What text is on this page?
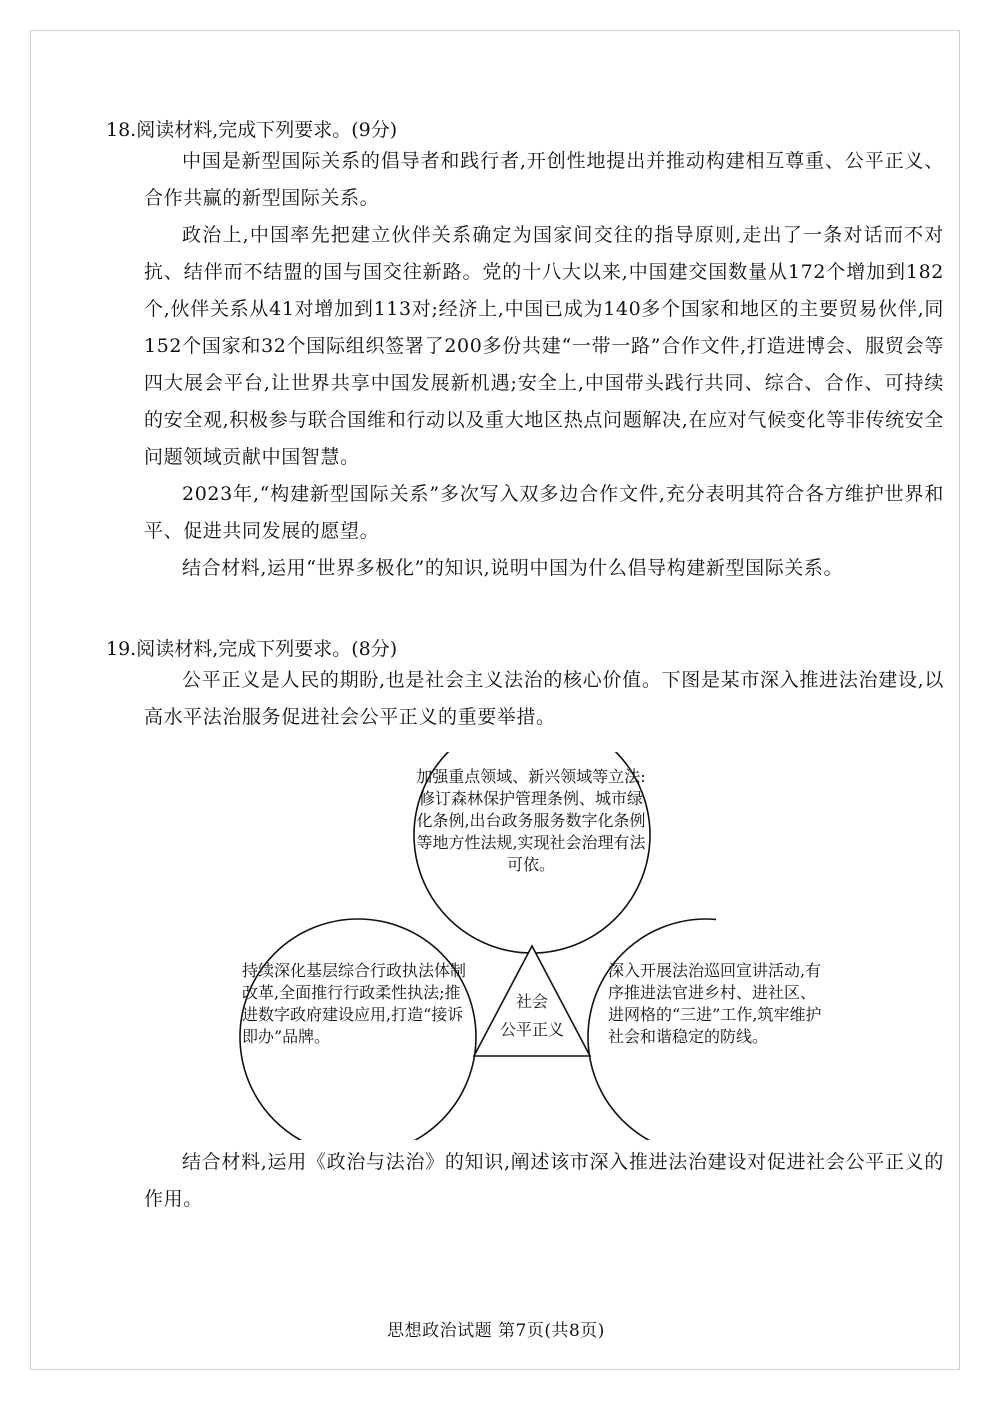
18.阅读材料,完成下列要求。(9分)

中国是新型国际关系的倡导者和践行者,开创性地提出并推动构建相互尊重、公平正义、合作共赢的新型国际关系。

政治上,中国率先把建立伙伴关系确定为国家间交往的指导原则,走出了一条对话而不对抗、结伴而不结盟的国与国交往新路。党的十八大以来,中国建交国数量从172个增加到182个,伙伴关系从41对增加到113对;经济上,中国已成为140多个国家和地区的主要贸易伙伴,同152个国家和32个国际组织签署了200多份共建“一带一路”合作文件,打造进博会、服贸会等四大展会平台,让世界共享中国发展新机遇;安全上,中国带头践行共同、综合、合作、可持续的安全观,积极参与联合国维和行动以及重大地区热点问题解决,在应对气候变化等非传统安全问题领域贡献中国智慧。

2023年,“构建新型国际关系”多次写入双多边合作文件,充分表明其符合各方维护世界和平、促进共同发展的愿望。

结合材料,运用“世界多极化”的知识,说明中国为什么倡导构建新型国际关系。

19.阅读材料,完成下列要求。(8分)

公平正义是人民的期盼,也是社会主义法治的核心价值。下图是某市深入推进法治建设,以高水平法治服务促进社会公平正义的重要举措。

加强重点领域、新兴领域等立法:修订森林保护管理条例、城市绿化条例,出台政务服务数字化条例等地方性法规,实现社会治理有法可依。
持续深化基层综合行政执法体制改革,全面推行行政柔性执法;推进数字政府建设应用,打造“接诉即办”品牌。
深入开展法治巡回宣讲活动,有序推进法官进乡村、进社区、进网格的“三进”工作,筑牢维护社会和谐稳定的防线。
社会
公平正义

结合材料,运用《政治与法治》的知识,阐述该市深入推进法治建设对促进社会公平正义的作用。

思想政治试题 第7页(共8页)
